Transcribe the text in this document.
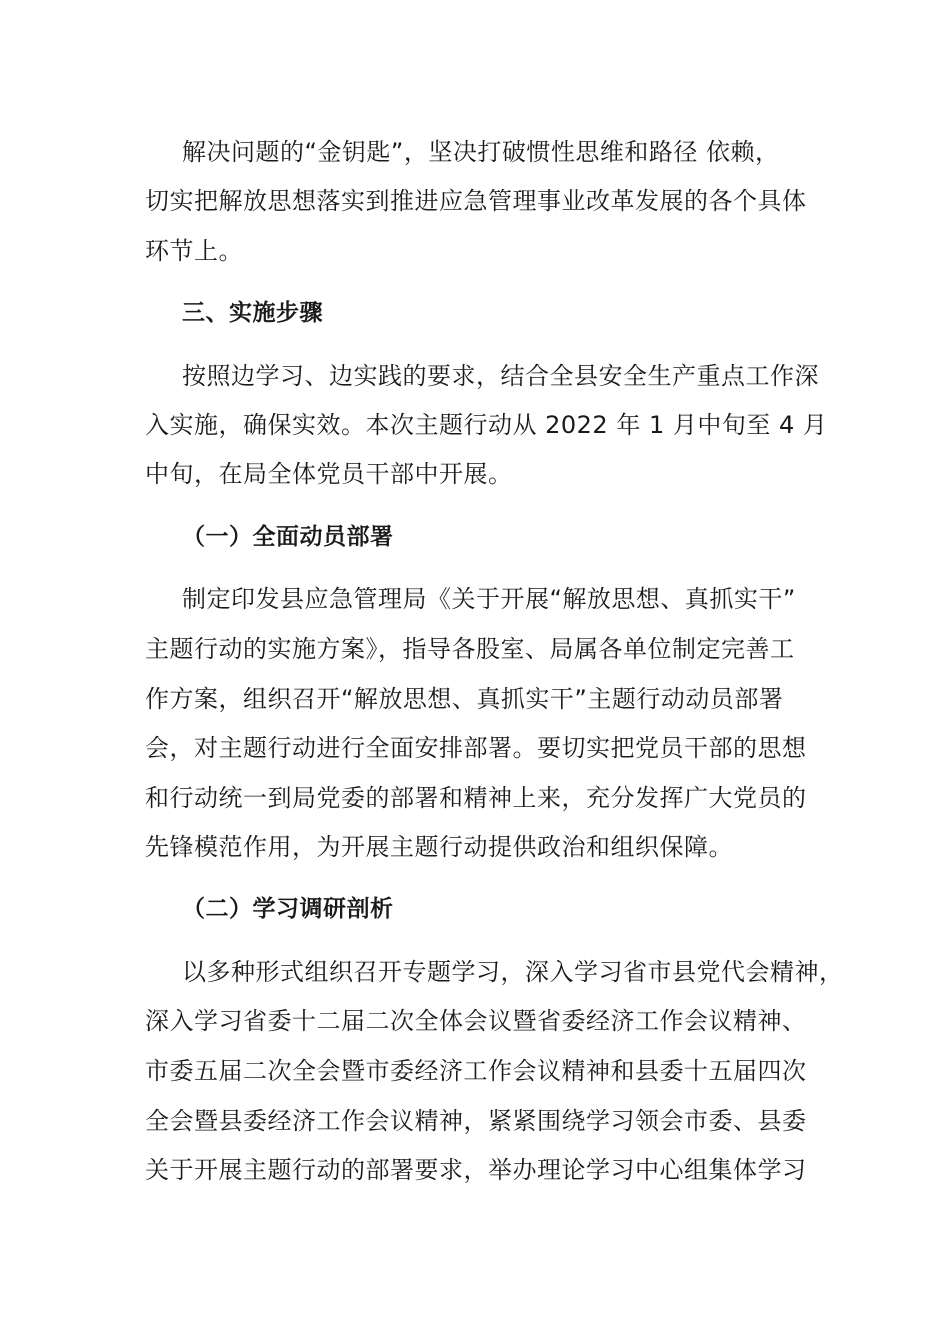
解决问题的“金钥匙”，坚决打破惯性思维和路径 依赖，
切实把解放思想落实到推进应急管理事业改革发展的各个具体
环节上。
三、实施步骤
按照边学习、边实践的要求，结合全县安全生产重点工作深
入实施，确保实效。本次主题行动从 2022 年 1 月中旬至 4 月
中旬，在局全体党员干部中开展。
（一）全面动员部署
制定印发县应急管理局《关于开展“解放思想、真抓实干”
主题行动的实施方案》，指导各股室、局属各单位制定完善工
作方案，组织召开“解放思想、真抓实干”主题行动动员部署
会，对主题行动进行全面安排部署。要切实把党员干部的思想
和行动统一到局党委的部署和精神上来，充分发挥广大党员的
先锋模范作用，为开展主题行动提供政治和组织保障。
（二）学习调研剖析
以多种形式组织召开专题学习，深入学习省市县党代会精神，
深入学习省委十二届二次全体会议暨省委经济工作会议精神、
市委五届二次全会暨市委经济工作会议精神和县委十五届四次
全会暨县委经济工作会议精神，紧紧围绕学习领会市委、县委
关于开展主题行动的部署要求，举办理论学习中心组集体学习
